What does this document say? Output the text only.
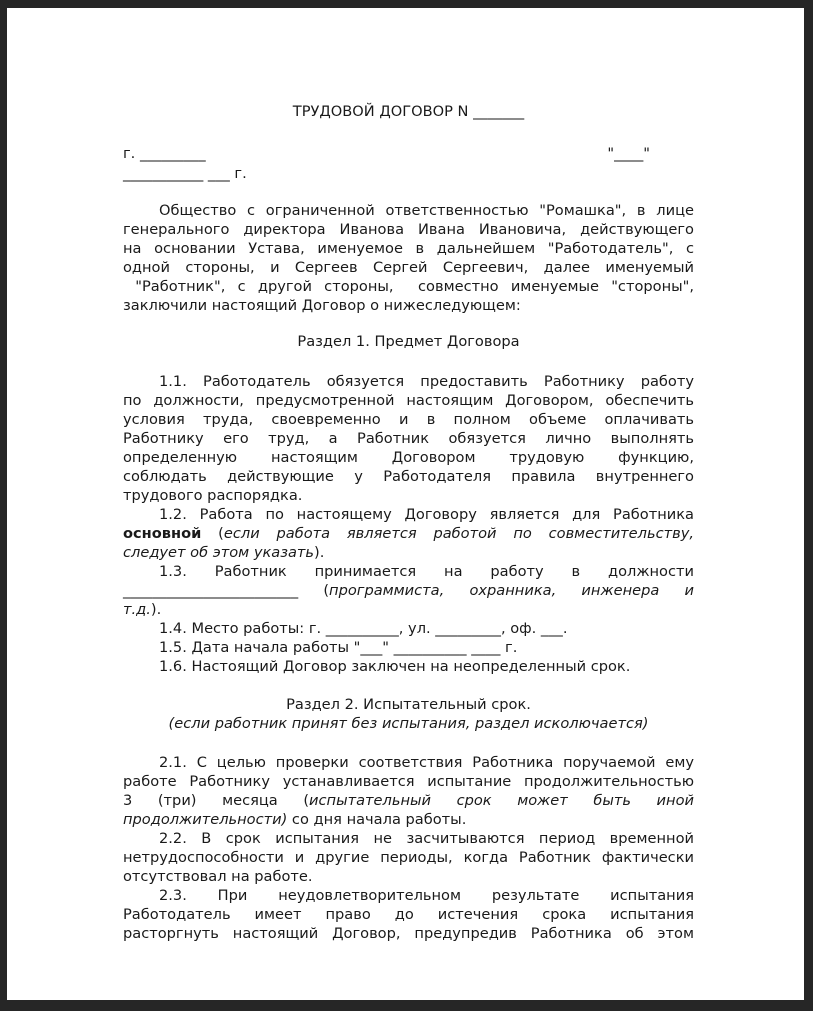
ТРУДОВОЙ ДОГОВОР N _______
г. _________	"____"
___________ ___ г.
Общество с ограниченной ответственностью "Ромашка", в лице
генерального директора Иванова Ивана Ивановича, действующего
на основании Устава, именуемое в дальнейшем "Работодатель", с
одной стороны, и Сергеев Сергей Сергеевич, далее именуемый
"Работник", с другой стороны,  совместно именуемые "стороны",
заключили настоящий Договор о нижеследующем:
Раздел 1. Предмет Договора
1.1. Работодатель обязуется предоставить Работнику работу
по должности, предусмотренной настоящим Договором, обеспечить
условия труда, своевременно и в полном объеме оплачивать
Работнику его труд, а Работник обязуется лично выполнять
определенную настоящим Договором трудовую функцию,
соблюдать действующие у Работодателя правила внутреннего
трудового распорядка.
1.2. Работа по настоящему Договору является для Работника
основной (если работа является работой по совместительству,
следует об этом указать).
1.3. Работник принимается на работу в должности
________________________ (программиста, охранника, инженера и
т.д.).
1.4. Место работы: г. __________, ул. _________, оф. ___.
1.5. Дата начала работы "___" __________ ____ г.
1.6. Настоящий Договор заключен на неопределенный срок.
Раздел 2. Испытательный срок.
(если работник принят без испытания, раздел исколючается)
2.1. С целью проверки соответствия Работника поручаемой ему
работе Работнику устанавливается испытание продолжительностью
3 (три) месяца (испытательный срок может быть иной
продолжительности) со дня начала работы.
2.2. В срок испытания не засчитываются период временной
нетрудоспособности и другие периоды, когда Работник фактически
отсутствовал на работе.
2.3. При неудовлетворительном результате испытания
Работодатель имеет право до истечения срока испытания
расторгнуть настоящий Договор, предупредив Работника об этом
